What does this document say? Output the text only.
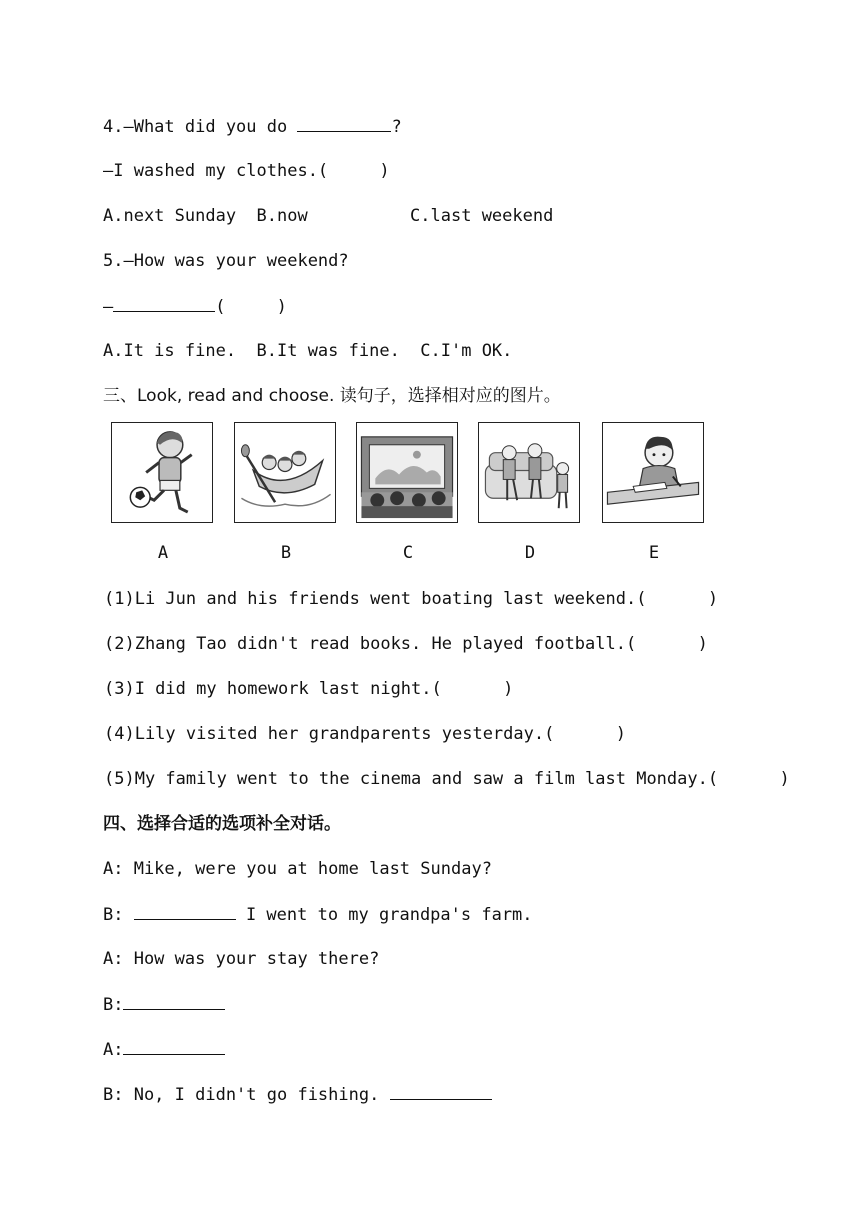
4.—What did you do	?
—I washed my clothes.(     )
A.next Sunday  B.now          C.last weekend
5.—How was your weekend?
—	(     )
A.It is fine.  B.It was fine.  C.I'm OK.
三、Look, read and choose. 读句子，选择相对应的图片。
A	B	C	D	E
(1)Li Jun and his friends went boating last weekend.(      )
(2)Zhang Tao didn't read books. He played football.(      )
(3)I did my homework last night.(      )
(4)Lily visited her grandparents yesterday.(      )
(5)My family went to the cinema and saw a film last Monday.(      )
四、选择合适的选项补全对话。
A: Mike, were you at home last Sunday?
B:	I went to my grandpa's farm.
A: How was your stay there?
B:
A:
B: No, I didn't go fishing.
